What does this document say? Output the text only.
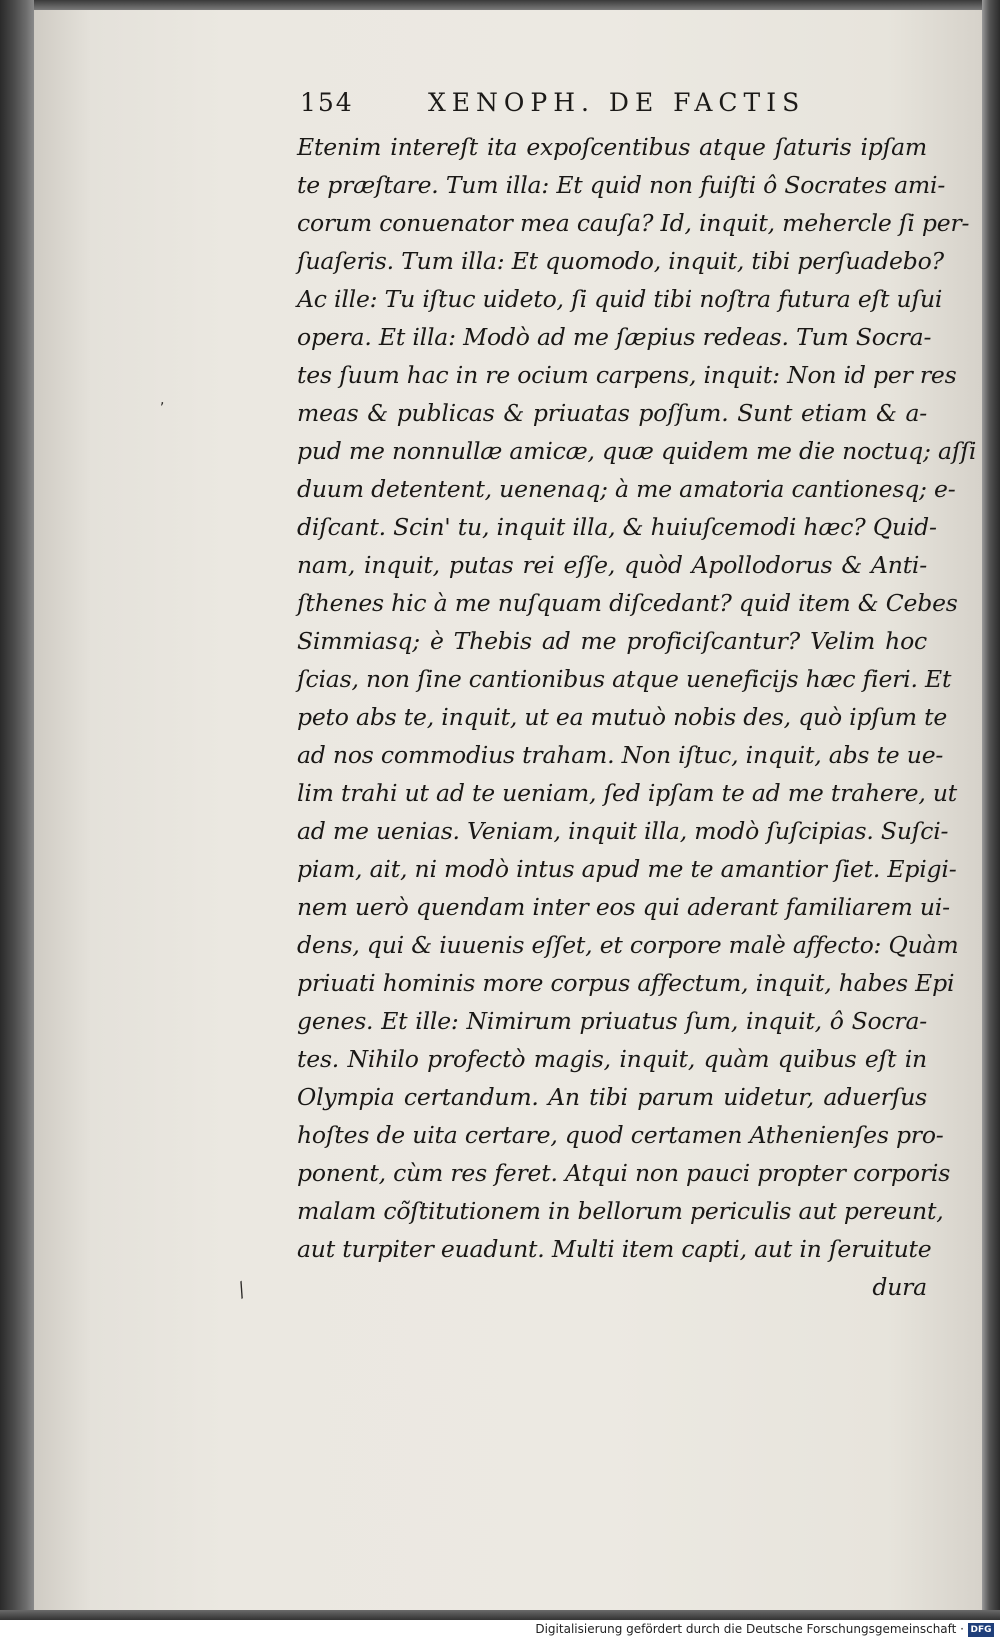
154	XENOPH. DE FACTIS
Etenim intereſt ita expoſcentibus atque ſaturis ipſam
te præſtare. Tum illa: Et quid non fuiſti ô Socrates ami-
corum conuenator mea cauſa? Id, inquit, mehercle ſi per-
ſuaſeris. Tum illa: Et quomodo, inquit, tibi perſuadebo?
Ac ille: Tu iſtuc uideto, ſi quid tibi noſtra futura eſt uſui
opera. Et illa: Modò ad me ſæpius redeas. Tum Socra-
tes ſuum hac in re ocium carpens, inquit: Non id per res
meas & publicas & priuatas poſſum. Sunt etiam & a-
pud me nonnullæ amicæ, quæ quidem me die noctuq; aſſi
duum detentent, uenenaq; à me amatoria cantionesq; e-
diſcant. Scin' tu, inquit illa, & huiuſcemodi hæc? Quid-
nam, inquit, putas rei eſſe, quòd Apollodorus & Anti-
ſthenes hic à me nuſquam diſcedant? quid item & Cebes
Simmiasq; è Thebis ad me proficiſcantur? Velim hoc
ſcias, non ſine cantionibus atque ueneficijs hæc fieri. Et
peto abs te, inquit, ut ea mutuò nobis des, quò ipſum te
ad nos commodius traham. Non iſtuc, inquit, abs te ue-
lim trahi ut ad te ueniam, ſed ipſam te ad me trahere, ut
ad me uenias. Veniam, inquit illa, modò ſuſcipias. Suſci-
piam, ait, ni modò intus apud me te amantior ſiet. Epigi-
nem uerò quendam inter eos qui aderant familiarem ui-
dens, qui & iuuenis eſſet, et corpore malè affecto: Quàm
priuati hominis more corpus affectum, inquit, habes Epi
genes. Et ille: Nimirum priuatus ſum, inquit, ô Socra-
tes. Nihilo profectò magis, inquit, quàm quibus eſt in
Olympia certandum. An tibi parum uidetur, aduerſus
hoſtes de uita certare, quod certamen Athenienſes pro-
ponent, cùm res feret. Atqui non pauci propter corporis
malam cõſtitutionem in bellorum periculis aut pereunt,
aut turpiter euadunt. Multi item capti, aut in ſeruitute
dura
,
⁄
Digitalisierung gefördert durch die Deutsche Forschungsgemeinschaft · DFG
